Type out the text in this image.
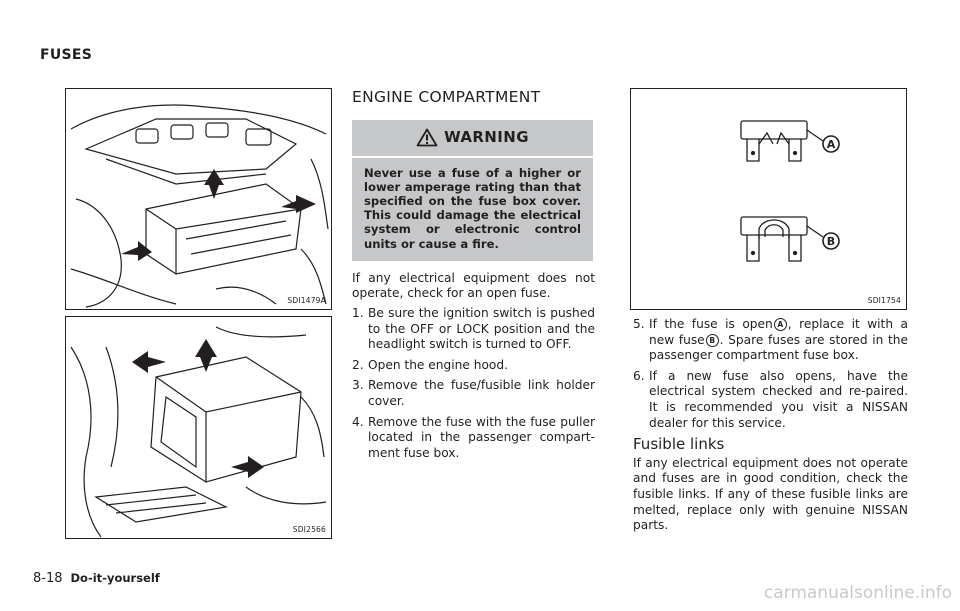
FUSES
SDI1479A
SDI2566
ENGINE COMPARTMENT
WARNING
Never use a fuse of a higher or lower amperage rating than that specified on the fuse box cover. This could damage the electrical system or electronic control units or cause a fire.

If any electrical equipment does not operate, check for an open fuse.

1. Be sure the ignition switch is pushed to the OFF or LOCK position and the headlight switch is turned to OFF.
2. Open the engine hood.
3. Remove the fuse/fusible link holder cover.
4. Remove the fuse with the fuse puller located in the passenger compart-ment fuse box.
A
B
SDI1754
5. If the fuse is open A , replace it with a new fuse B . Spare fuses are stored in the passenger compartment fuse box.
6. If a new fuse also opens, have the electrical system checked and re-paired. It is recommended you visit a NISSAN dealer for this service.
Fusible links

If any electrical equipment does not operate and fuses are in good condition, check the fusible links. If any of these fusible links are melted, replace only with genuine NISSAN parts.

8-18 Do-it-yourself
carmanualsonline.info
